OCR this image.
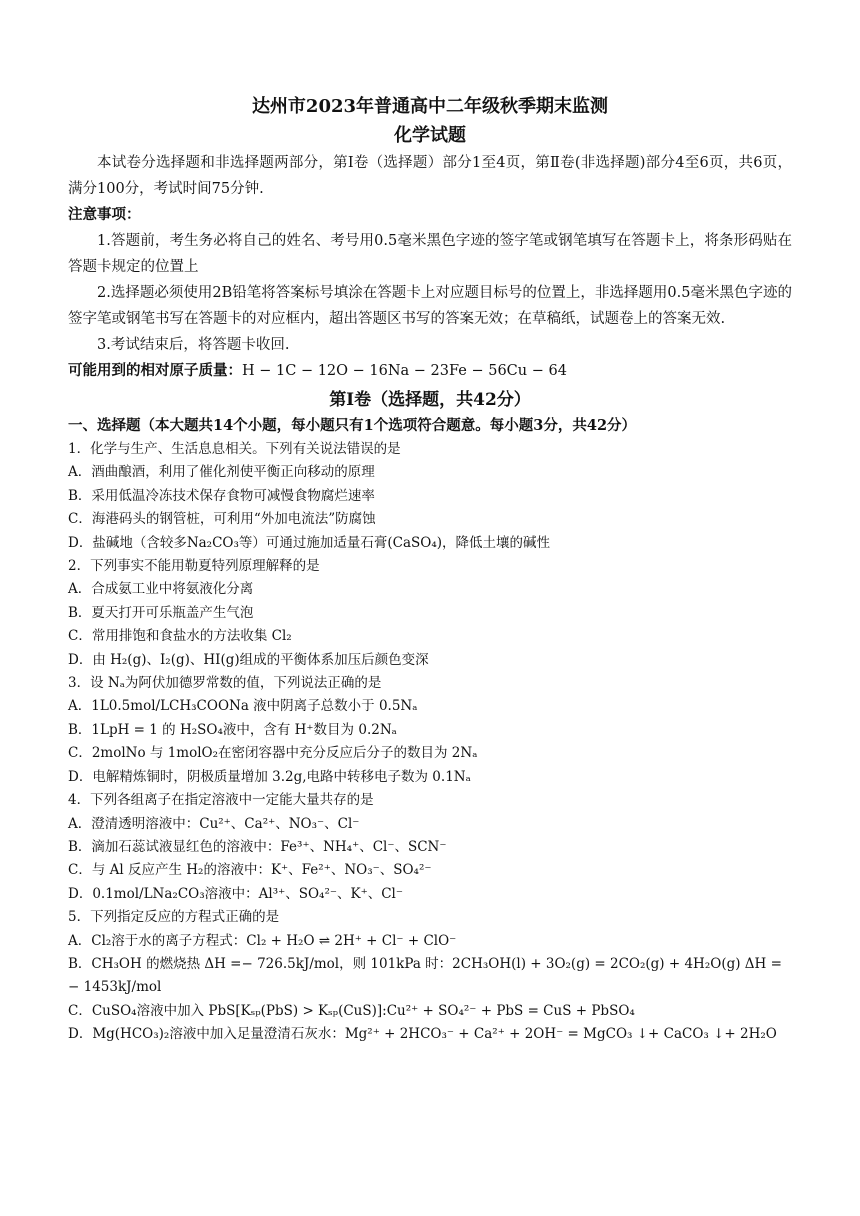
达州市2023年普通高中二年级秋季期末监测
化学试题
本试卷分选择题和非选择题两部分，第Ⅰ卷（选择题）部分1至4页，第Ⅱ卷(非选择题)部分4至6页，共6页，满分100分，考试时间75分钟.
注意事项：
1.答题前，考生务必将自己的姓名、考号用0.5毫米黑色字迹的签字笔或钢笔填写在答题卡上，将条形码贴在答题卡规定的位置上
2.选择题必须使用2B铅笔将答案标号填涂在答题卡上对应题目标号的位置上，非选择题用0.5毫米黑色字迹的签字笔或钢笔书写在答题卡的对应框内，超出答题区书写的答案无效；在草稿纸，试题卷上的答案无效.
3.考试结束后，将答题卡收回.
可能用到的相对原子质量：H − 1C − 12O − 16Na − 23Fe − 56Cu − 64
第Ⅰ卷（选择题，共42分）
一、选择题（本大题共14个小题，每小题只有1个选项符合题意。每小题3分，共42分）
1．化学与生产、生活息息相关。下列有关说法错误的是
A．酒曲酿酒，利用了催化剂使平衡正向移动的原理
B．采用低温冷冻技术保存食物可减慢食物腐烂速率
C．海港码头的钢管桩，可利用“外加电流法”防腐蚀
D．盐碱地（含较多Na₂CO₃等）可通过施加适量石膏(CaSO₄)，降低土壤的碱性
2．下列事实不能用勒夏特列原理解释的是
A．合成氨工业中将氨液化分离
B．夏天打开可乐瓶盖产生气泡
C．常用排饱和食盐水的方法收集 Cl₂
D．由 H₂(g)、I₂(g)、HI(g)组成的平衡体系加压后颜色变深
3．设 Nₐ为阿伏加德罗常数的值，下列说法正确的是
A．1L0.5mol/LCH₃COONa 液中阴离子总数小于 0.5Nₐ
B．1LpH = 1 的 H₂SO₄液中，含有 H⁺数目为 0.2Nₐ
C．2molNo 与 1molO₂在密闭容器中充分反应后分子的数目为 2Nₐ
D．电解精炼铜时，阴极质量增加 3.2g,电路中转移电子数为 0.1Nₐ
4．下列各组离子在指定溶液中一定能大量共存的是
A．澄清透明溶液中：Cu²⁺、Ca²⁺、NO₃⁻、Cl⁻
B．滴加石蕊试液显红色的溶液中：Fe³⁺、NH₄⁺、Cl⁻、SCN⁻
C．与 Al 反应产生 H₂的溶液中：K⁺、Fe²⁺、NO₃⁻、SO₄²⁻
D．0.1mol/LNa₂CO₃溶液中：Al³⁺、SO₄²⁻、K⁺、Cl⁻
5．下列指定反应的方程式正确的是
A．Cl₂溶于水的离子方程式：Cl₂ + H₂O ⇌ 2H⁺ + Cl⁻ + ClO⁻
B．CH₃OH 的燃烧热 ΔH =− 726.5kJ/mol，则 101kPa 时：2CH₃OH(l) + 3O₂(g) = 2CO₂(g) + 4H₂O(g) ΔH =
− 1453kJ/mol
C．CuSO₄溶液中加入 PbS[Kₛₚ(PbS) > Kₛₚ(CuS)]:Cu²⁺ + SO₄²⁻ + PbS = CuS + PbSO₄
D．Mg(HCO₃)₂溶液中加入足量澄清石灰水：Mg²⁺ + 2HCO₃⁻ + Ca²⁺ + 2OH⁻ = MgCO₃ ↓+ CaCO₃ ↓+ 2H₂O
